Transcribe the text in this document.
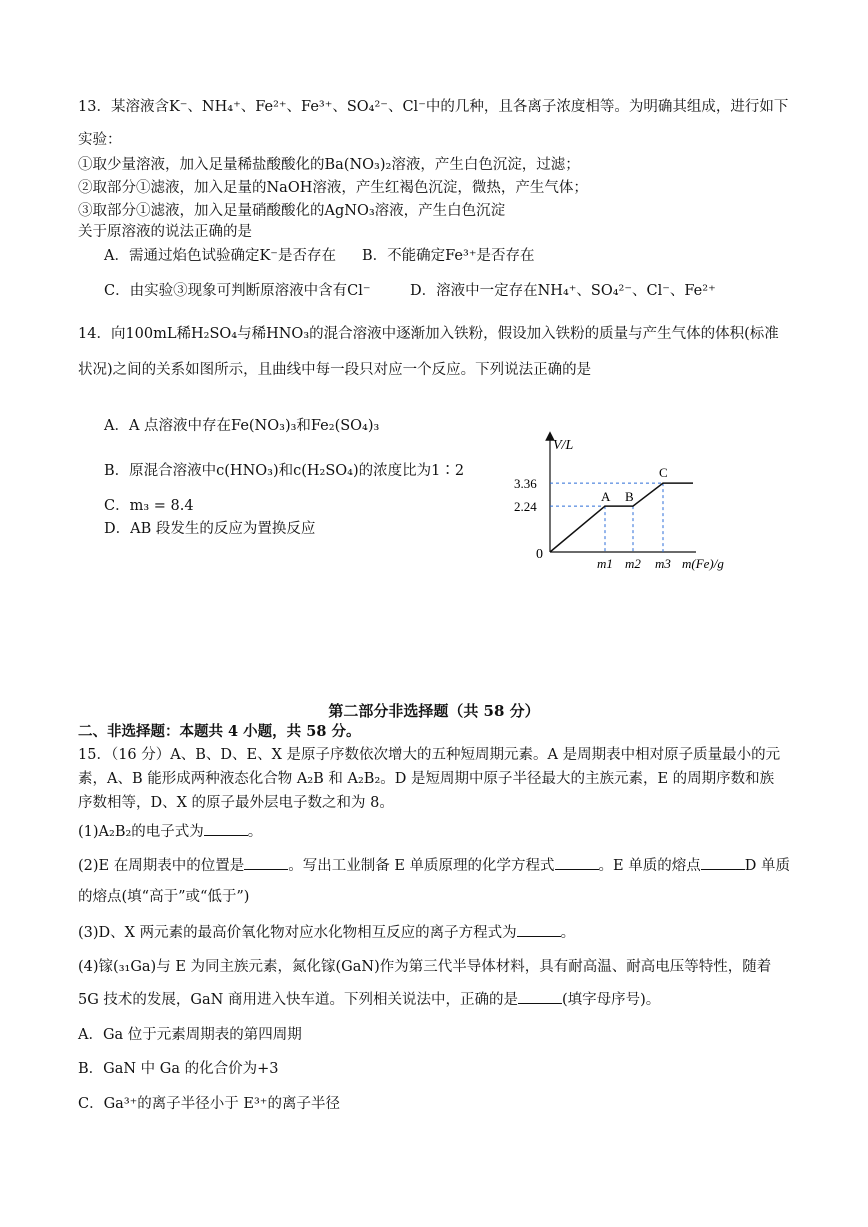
13．某溶液含K⁻、NH₄⁺、Fe²⁺、Fe³⁺、SO₄²⁻、Cl⁻中的几种，且各离子浓度相等。为明确其组成，进行如下
实验：
①取少量溶液，加入足量稀盐酸酸化的Ba(NO₃)₂溶液，产生白色沉淀，过滤；
②取部分①滤液，加入足量的NaOH溶液，产生红褐色沉淀，微热，产生气体；
③取部分①滤液，加入足量硝酸酸化的AgNO₃溶液，产生白色沉淀
关于原溶液的说法正确的是
A．需通过焰色试验确定K⁻是否存在 B．不能确定Fe³⁺是否存在
C．由实验③现象可判断原溶液中含有Cl⁻	D．溶液中一定存在NH₄⁺、SO₄²⁻、Cl⁻、Fe²⁺
14．向100mL稀H₂SO₄与稀HNO₃的混合溶液中逐渐加入铁粉，假设加入铁粉的质量与产生气体的体积(标准
状况)之间的关系如图所示，且曲线中每一段只对应一个反应。下列说法正确的是
A．A 点溶液中存在Fe(NO₃)₃和Fe₂(SO₄)₃
B．原混合溶液中c(HNO₃)和c(H₂SO₄)的浓度比为1∶2
C．m₃ = 8.4
D．AB 段发生的反应为置换反应
V/L
0
2.24
3.36
A B
C
m1 m2 m3 m(Fe)/g
第二部分非选择题（共 58 分）
二、非选择题：本题共 4 小题，共 58 分。
15．（16 分）A、B、D、E、X 是原子序数依次增大的五种短周期元素。A 是周期表中相对原子质量最小的元
素，A、B 能形成两种液态化合物 A₂B 和 A₂B₂。D 是短周期中原子半径最大的主族元素，E 的周期序数和族
序数相等，D、X 的原子最外层电子数之和为 8。
(1)A₂B₂的电子式为	。
(2)E 在周期表中的位置是	。写出工业制备 E 单质原理的化学方程式	。E 单质的熔点	D 单质
的熔点(填“高于”或“低于”)
(3)D、X 两元素的最高价氧化物对应水化物相互反应的离子方程式为	。
(4)镓(₃₁Ga)与 E 为同主族元素，氮化镓(GaN)作为第三代半导体材料，具有耐高温、耐高电压等特性，随着
5G 技术的发展，GaN 商用进入快车道。下列相关说法中，正确的是	(填字母序号)。
A．Ga 位于元素周期表的第四周期
B．GaN 中 Ga 的化合价为+3
C．Ga³⁺的离子半径小于 E³⁺的离子半径
